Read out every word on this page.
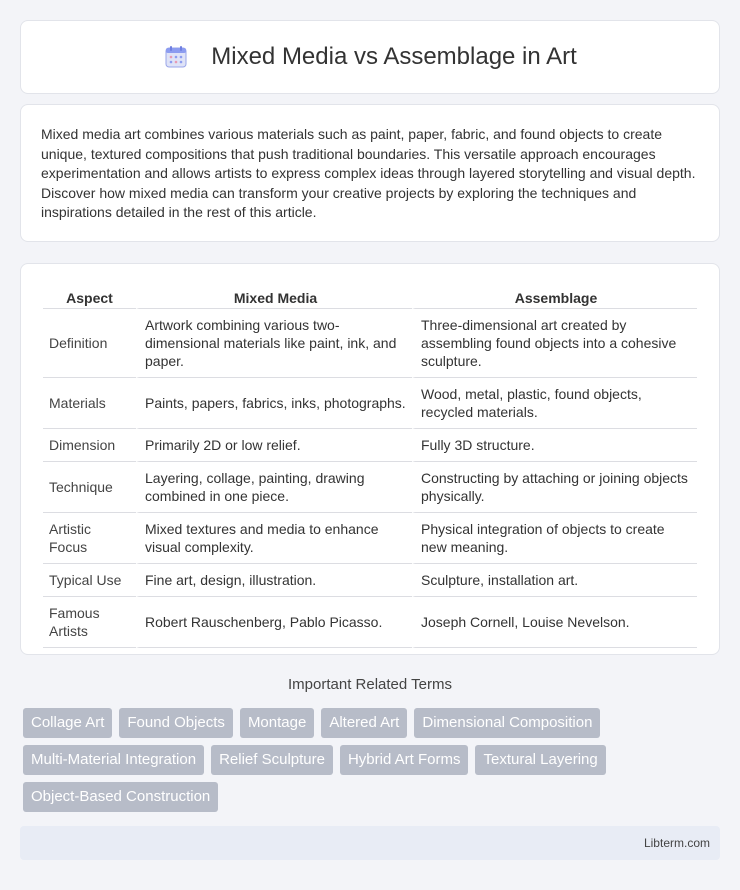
Mixed Media vs Assemblage in Art

Mixed media art combines various materials such as paint, paper, fabric, and found objects to create unique, textured compositions that push traditional boundaries. This versatile approach encourages experimentation and allows artists to express complex ideas through layered storytelling and visual depth. Discover how mixed media can transform your creative projects by exploring the techniques and inspirations detailed in the rest of this article.

Aspect	Mixed Media	Assemblage
Definition	Artwork combining various two-dimensional materials like paint, ink, and paper.	Three-dimensional art created by assembling found objects into a cohesive sculpture.
Materials	Paints, papers, fabrics, inks, photographs.	Wood, metal, plastic, found objects, recycled materials.
Dimension	Primarily 2D or low relief.	Fully 3D structure.
Technique	Layering, collage, painting, drawing combined in one piece.	Constructing by attaching or joining objects physically.
Artistic Focus	Mixed textures and media to enhance visual complexity.	Physical integration of objects to create new meaning.
Typical Use	Fine art, design, illustration.	Sculpture, installation art.
Famous Artists	Robert Rauschenberg, Pablo Picasso.	Joseph Cornell, Louise Nevelson.
Important Related Terms
Collage Art	Found Objects	Montage	Altered Art	Dimensional Composition
Multi-Material Integration	Relief Sculpture	Hybrid Art Forms	Textural Layering
Object-Based Construction
Libterm.com
